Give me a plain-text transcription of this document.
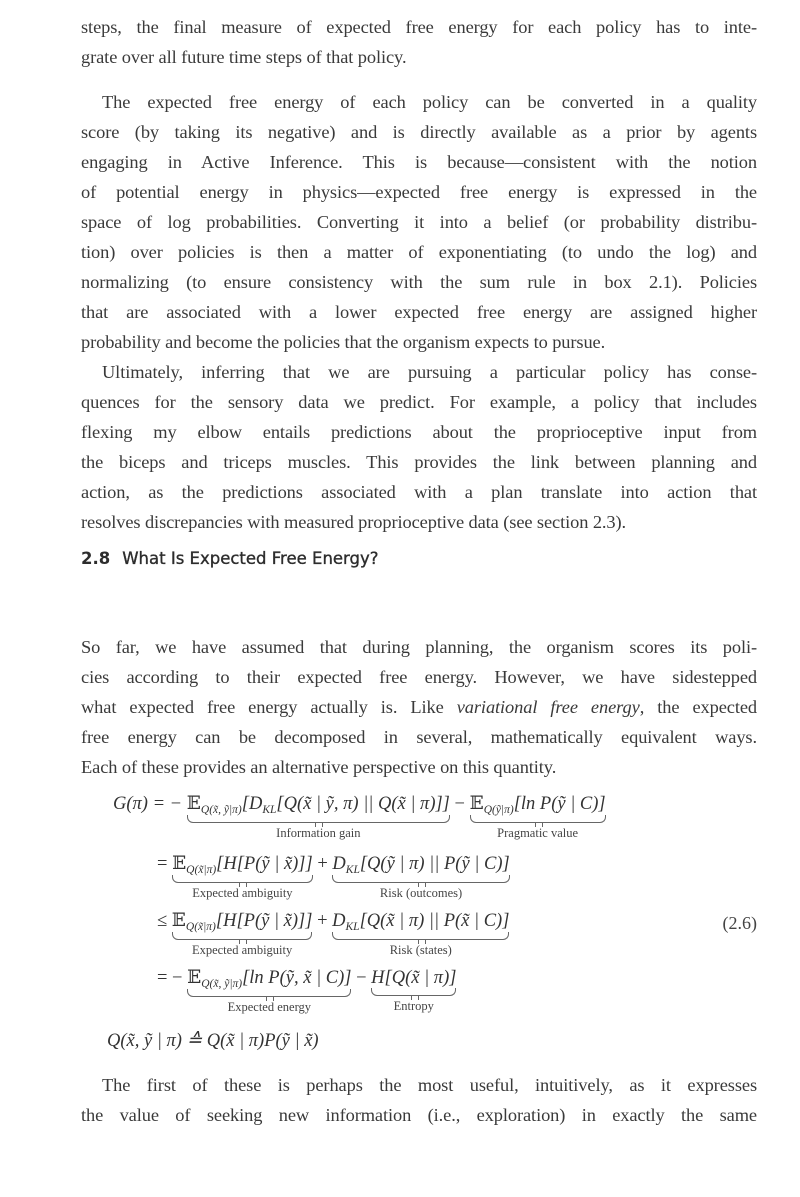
steps, the final measure of expected free energy for each policy has to inte-
grate over all future time steps of that policy.
The expected free energy of each policy can be converted in a quality
score (by taking its negative) and is directly available as a prior by agents
engaging in Active Inference. This is because—consistent with the notion
of potential energy in physics—expected free energy is expressed in the
space of log probabilities. Converting it into a belief (or probability distribu-
tion) over policies is then a matter of exponentiating (to undo the log) and
normalizing (to ensure consistency with the sum rule in box 2.1). Policies
that are associated with a lower expected free energy are assigned higher
probability and become the policies that the organism expects to pursue.
Ultimately, inferring that we are pursuing a particular policy has conse-
quences for the sensory data we predict. For example, a policy that includes
flexing my elbow entails predictions about the proprioceptive input from
the biceps and triceps muscles. This provides the link between planning and
action, as the predictions associated with a plan translate into action that
resolves discrepancies with measured proprioceptive data (see section 2.3).
2.8 What Is Expected Free Energy?
So far, we have assumed that during planning, the organism scores its poli-
cies according to their expected free energy. However, we have sidestepped
what expected free energy actually is. Like variational free energy, the expected
free energy can be decomposed in several, mathematically equivalent ways.
Each of these provides an alternative perspective on this quantity.
G(π) = − $𝔼_{Q(x̃, ỹ|\pi)}[D_{KL}[Q(x̃$ | ỹ, π) || Q(x̃ | π)]]
Information gain
− 𝔼$_{Q(ỹ|\pi)}$[ln P(ỹ | C)]
Pragmatic value
= 𝔼$_{Q(x̃|\pi)}$[H[P(ỹ | x̃)]]
Expected ambiguity
+ $D_{KL}[Q(ỹ$ | π) || P(ỹ | C)]
Risk (outcomes)
≤ 𝔼$_{Q(x̃|\pi)}$[H[P(ỹ | x̃)]]
Expected ambiguity
+ $D_{KL}[Q(x̃$ | π) || P(x̃ | C)]
Risk (states)
= − 𝔼$_{Q(x̃, ỹ|\pi)}$[ln P(ỹ, x̃ | C)]
Expected energy
− H[Q(x̃ | π)]
Entropy
Q(x̃, ỹ | π) ≙ Q(x̃ | π)P(ỹ | x̃)
(2.6)
The first of these is perhaps the most useful, intuitively, as it expresses
the value of seeking new information (i.e., exploration) in exactly the same
